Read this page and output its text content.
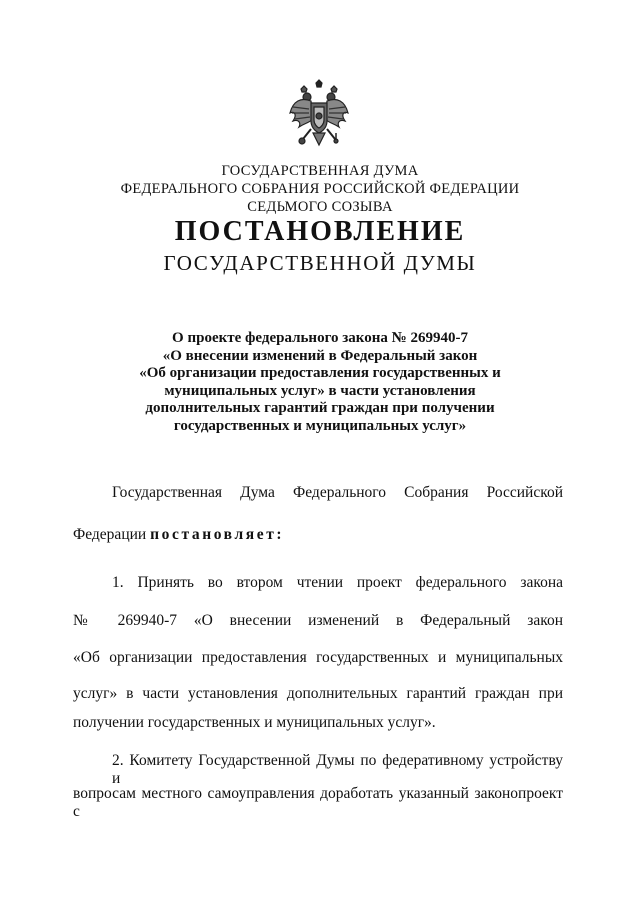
ГОСУДАРСТВЕННАЯ ДУМА
ФЕДЕРАЛЬНОГО СОБРАНИЯ РОССИЙСКОЙ ФЕДЕРАЦИИ
СЕДЬМОГО СОЗЫВА
ПОСТАНОВЛЕНИЕ
ГОСУДАРСТВЕННОЙ ДУМЫ
О проекте федерального закона № 269940-7
«О внесении изменений в Федеральный закон
«Об организации предоставления государственных и
муниципальных услуг» в части установления
дополнительных гарантий граждан при получении
государственных и муниципальных услуг»
Государственная Дума Федерального Собрания Российской
Федерации постановляет:
1. Принять во втором чтении проект федерального закона
№ 269940-7 «О внесении изменений в Федеральный закон
«Об организации предоставления государственных и муниципальных
услуг» в части установления дополнительных гарантий граждан при
получении государственных и муниципальных услуг».
2. Комитету Государственной Думы по федеративному устройству и
вопросам местного самоуправления доработать указанный законопроект с
